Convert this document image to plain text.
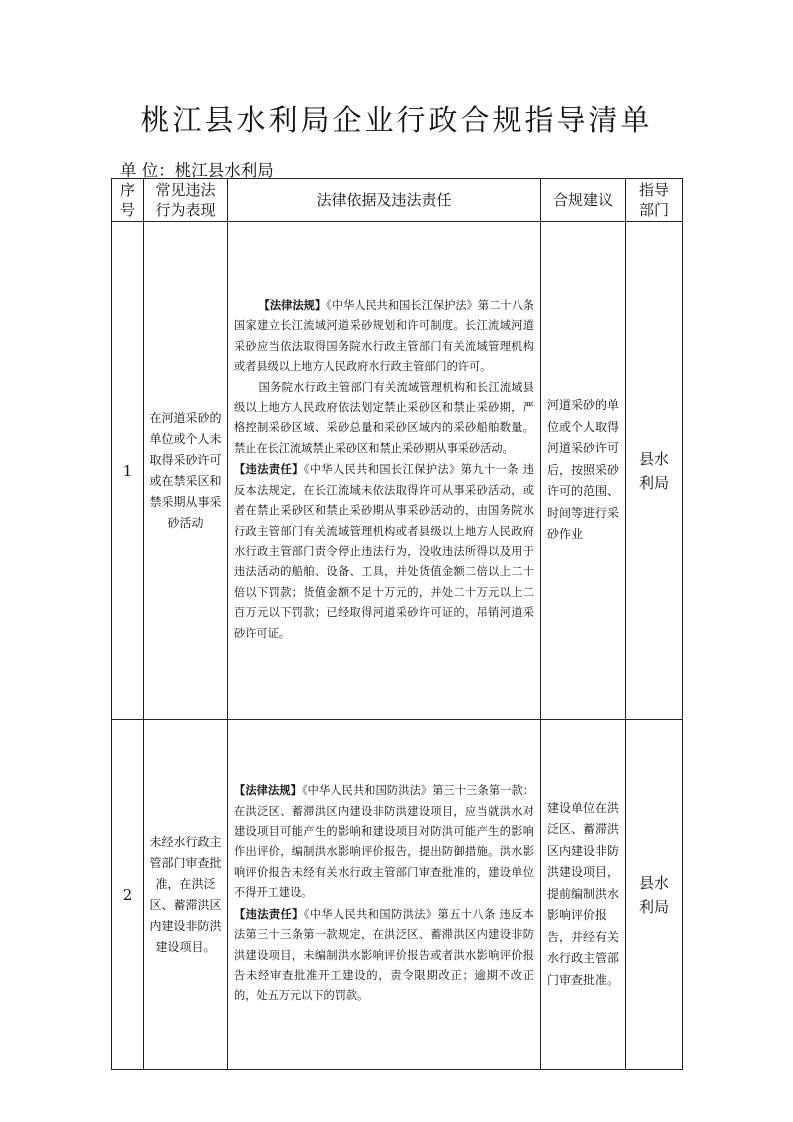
桃江县水利局企业行政合规指导清单
单 位：桃江县水利局
序号	常见违法行为表现	法律依据及违法责任	合规建议	指导部门
1	在河道采砂的单位或个人未取得采砂许可或在禁采区和禁采期从事采砂活动	【法律法规】《中华人民共和国长江保护法》第二十八条 国家建立长江流域河道采砂规划和许可制度。长江流域河道采砂应当依法取得国务院水行政主管部门有关流域管理机构或者县级以上地方人民政府水行政主管部门的许可。

国务院水行政主管部门有关流域管理机构和长江流域县级以上地方人民政府依法划定禁止采砂区和禁止采砂期，严格控制采砂区域、采砂总量和采砂区域内的采砂船舶数量。禁止在长江流域禁止采砂区和禁止采砂期从事采砂活动。

【违法责任】《中华人民共和国长江保护法》第九十一条 违反本法规定，在长江流域未依法取得许可从事采砂活动，或者在禁止采砂区和禁止采砂期从事采砂活动的，由国务院水行政主管部门有关流域管理机构或者县级以上地方人民政府水行政主管部门责令停止违法行为，没收违法所得以及用于违法活动的船舶、设备、工具，并处货值金额二倍以上二十倍以下罚款；货值金额不足十万元的，并处二十万元以上二百万元以下罚款；已经取得河道采砂许可证的，吊销河道采砂许可证。	河道采砂的单位或个人取得河道采砂许可后，按照采砂许可的范围、时间等进行采砂作业	县水利局
2	未经水行政主管部门审查批准，在洪泛区、蓄滞洪区内建设非防洪建设项目。	【法律法规】《中华人民共和国防洪法》第三十三条第一款：在洪泛区、蓄滞洪区内建设非防洪建设项目，应当就洪水对建设项目可能产生的影响和建设项目对防洪可能产生的影响作出评价，编制洪水影响评价报告，提出防御措施。洪水影响评价报告未经有关水行政主管部门审查批准的，建设单位不得开工建设。

【违法责任】《中华人民共和国防洪法》第五十八条 违反本法第三十三条第一款规定，在洪泛区、蓄滞洪区内建设非防洪建设项目，未编制洪水影响评价报告或者洪水影响评价报告未经审查批准开工建设的，责令限期改正；逾期不改正的，处五万元以下的罚款。	建设单位在洪泛区、蓄滞洪区内建设非防洪建设项目，提前编制洪水影响评价报告，并经有关水行政主管部门审查批准。	县水利局
